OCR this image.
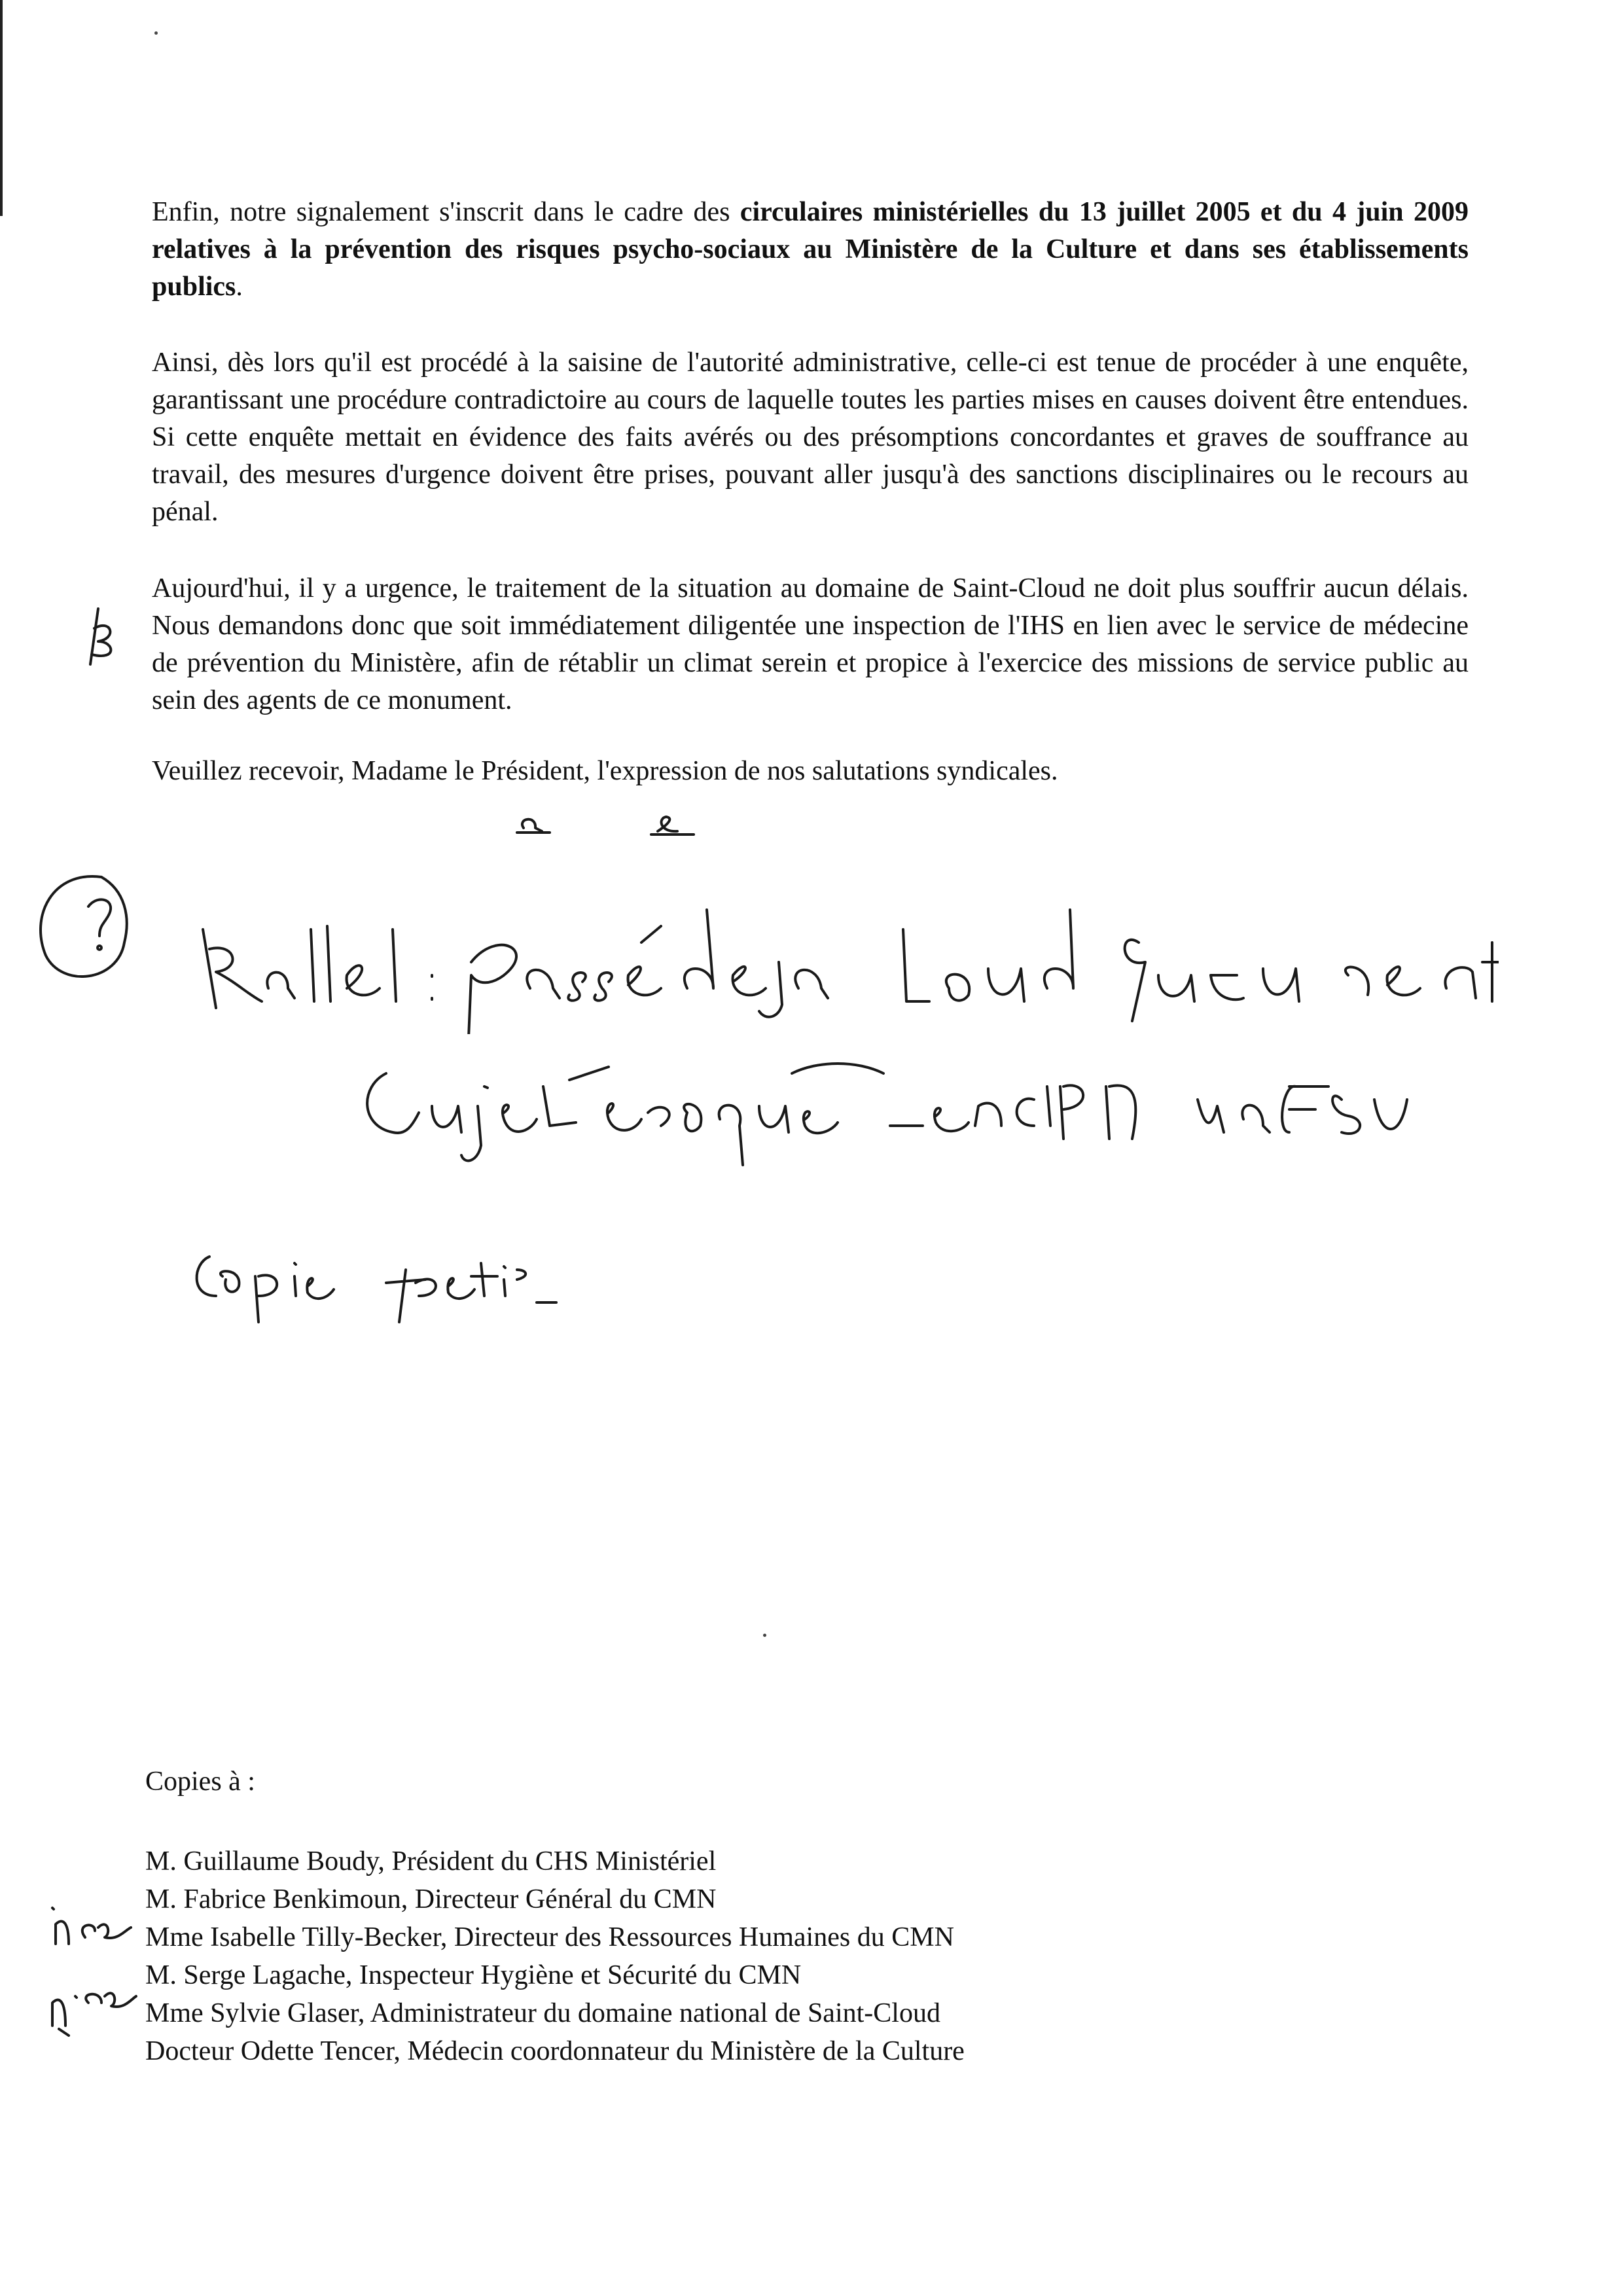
Enfin, notre signalement s'inscrit dans le cadre des circulaires ministérielles du 13 juillet 2005 et du 4 juin 2009 relatives à la prévention des risques psycho-sociaux au Ministère de la Culture et dans ses établissements publics.

Ainsi, dès lors qu'il est procédé à la saisine de l'autorité administrative, celle-ci est tenue de procéder à une enquête, garantissant une procédure contradictoire au cours de laquelle toutes les parties mises en causes doivent être entendues. Si cette enquête mettait en évidence des faits avérés ou des présomptions concordantes et graves de souffrance au travail, des mesures d'urgence doivent être prises, pouvant aller jusqu'à des sanctions disciplinaires ou le recours au pénal.

Aujourd'hui, il y a urgence, le traitement de la situation au domaine de Saint-Cloud ne doit plus souffrir aucun délais. Nous demandons donc que soit immédiatement diligentée une inspection de l'IHS en lien avec le service de médecine de prévention du Ministère, afin de rétablir un climat serein et propice à l'exercice des missions de service public au sein des agents de ce monument.

Veuillez recevoir, Madame le Président, l'expression de nos salutations syndicales.

Copies à :

M. Guillaume Boudy, Président du CHS Ministériel
M. Fabrice Benkimoun, Directeur Général du CMN
Mme Isabelle Tilly-Becker, Directeur des Ressources Humaines du CMN
M. Serge Lagache, Inspecteur Hygiène et Sécurité du CMN
Mme Sylvie Glaser, Administrateur du domaine national de Saint-Cloud
Docteur Odette Tencer, Médecin coordonnateur du Ministère de la Culture
